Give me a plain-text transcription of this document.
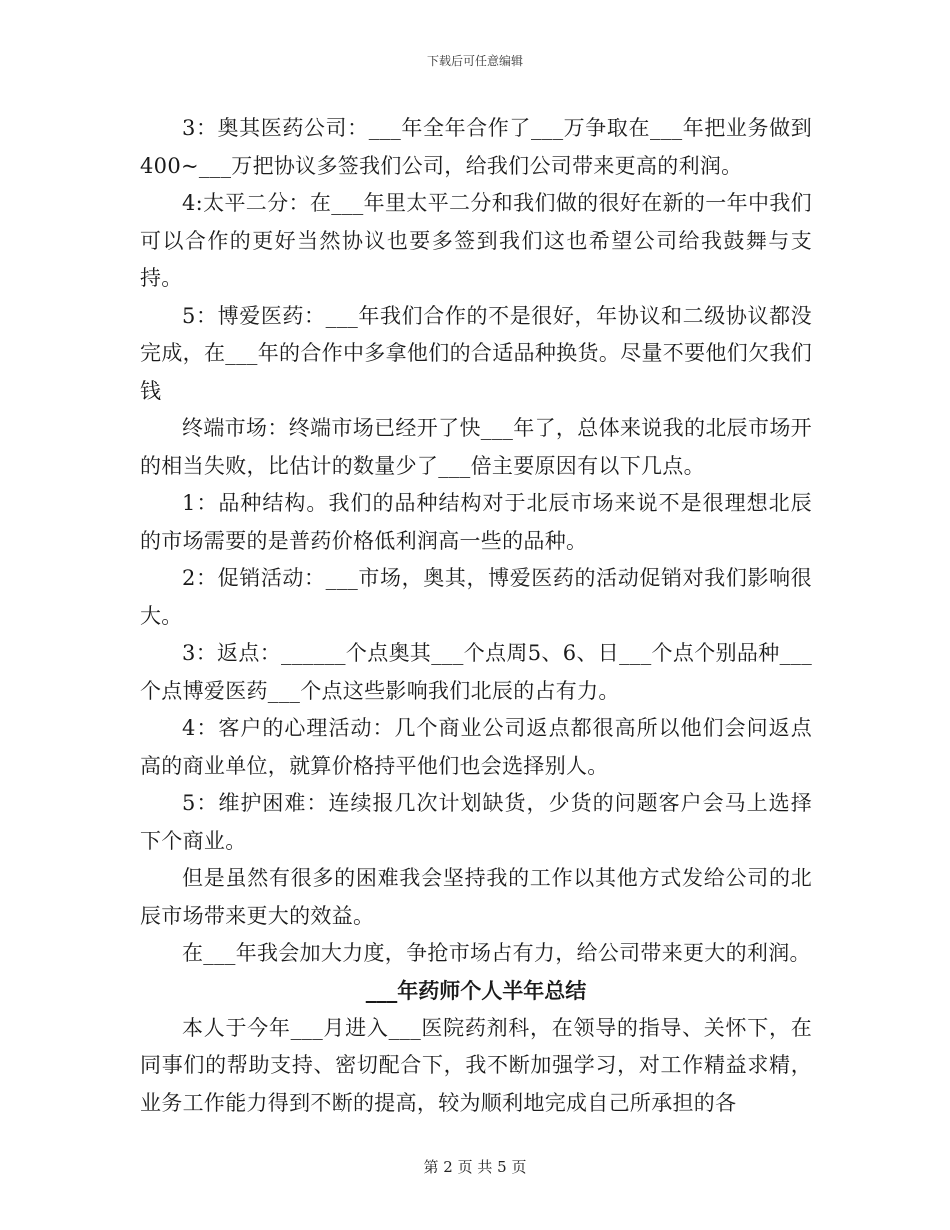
下载后可任意编辑

3：奥其医药公司：___年全年合作了___万争取在___年把业务做到400~___万把协议多签我们公司，给我们公司带来更高的利润。

4:太平二分：在___年里太平二分和我们做的很好在新的一年中我们可以合作的更好当然协议也要多签到我们这也希望公司给我鼓舞与支持。

5：博爱医药：___年我们合作的不是很好，年协议和二级协议都没完成，在___年的合作中多拿他们的合适品种换货。尽量不要他们欠我们钱

终端市场：终端市场已经开了快___年了，总体来说我的北辰市场开的相当失败，比估计的数量少了___倍主要原因有以下几点。

1：品种结构。我们的品种结构对于北辰市场来说不是很理想北辰的市场需要的是普药价格低利润高一些的品种。

2：促销活动：___市场，奥其，博爱医药的活动促销对我们影响很大。

3：返点：______个点奥其___个点周5、6、日___个点个别品种___个点博爱医药___个点这些影响我们北辰的占有力。

4：客户的心理活动：几个商业公司返点都很高所以他们会问返点高的商业单位，就算价格持平他们也会选择别人。

5：维护困难：连续报几次计划缺货，少货的问题客户会马上选择下个商业。

但是虽然有很多的困难我会坚持我的工作以其他方式发给公司的北辰市场带来更大的效益。

在___年我会加大力度，争抢市场占有力，给公司带来更大的利润。

___年药师个人半年总结

本人于今年___月进入___医院药剂科，在领导的指导、关怀下，在同事们的帮助支持、密切配合下，我不断加强学习，对工作精益求精，业务工作能力得到不断的提高，较为顺利地完成自己所承担的各

第 2 页 共 5 页
